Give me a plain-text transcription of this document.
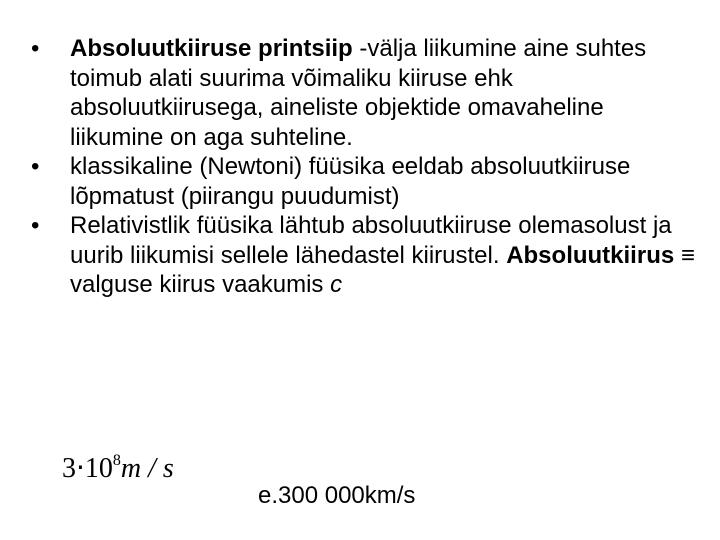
•	Absoluutkiiruse printsiip -välja liikumine aine suhtes toimub alati suurima võimaliku kiiruse ehk absoluutkiirusega, aineliste objektide omavaheline liikumine on aga suhteline.
•	klassikaline (Newtoni) füüsika eeldab absoluutkiiruse lõpmatust (piirangu puudumist)
•	Relativistlik füüsika lähtub absoluutkiiruse olemasolust ja uurib liikumisi sellele lähedastel kiirustel. Absoluutkiirus ≡ valguse kiirus vaakumis c
$3\cdot 10^8m / s$
e.300 000km/s
